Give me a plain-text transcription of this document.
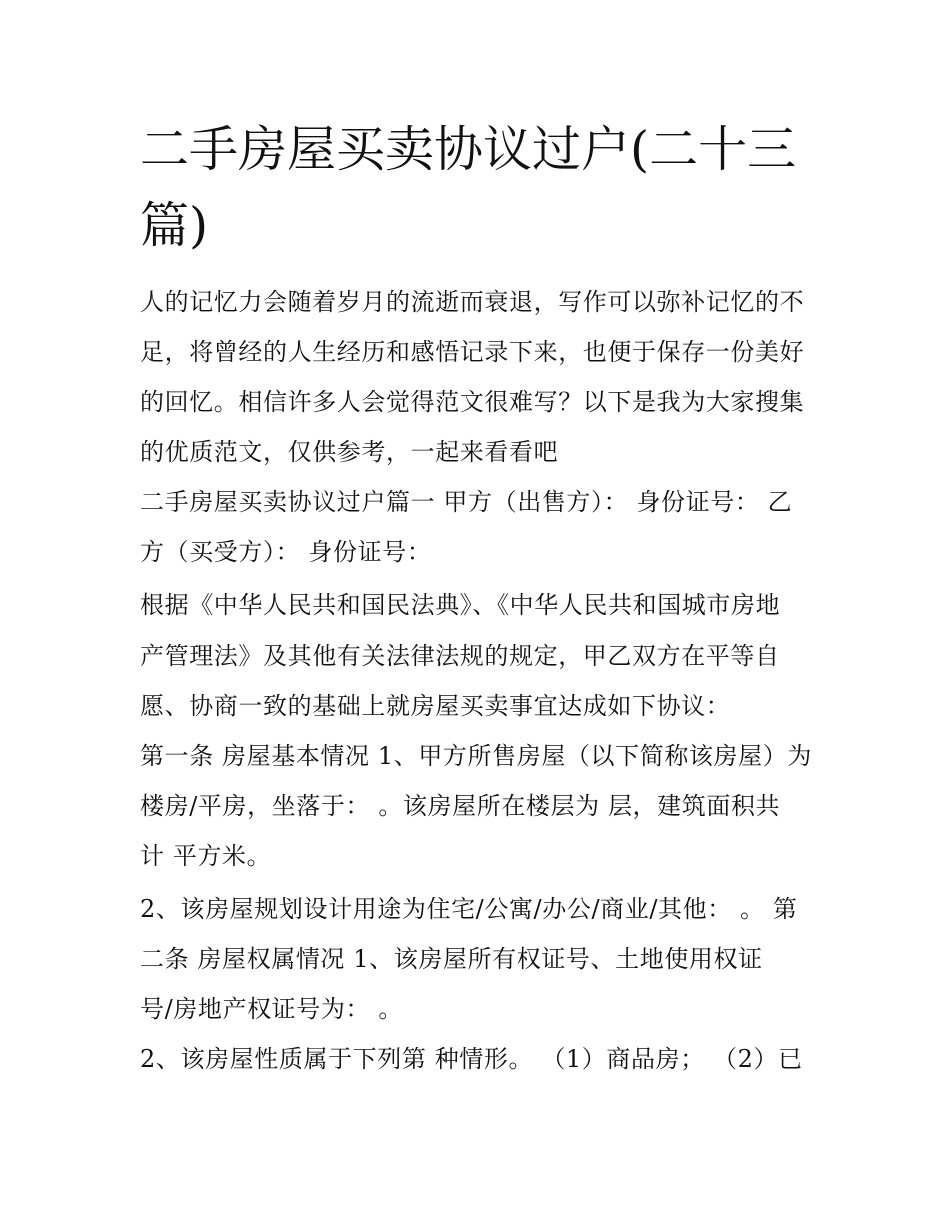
二手房屋买卖协议过户(二十三
篇)
人的记忆力会随着岁月的流逝而衰退，写作可以弥补记忆的不
足，将曾经的人生经历和感悟记录下来，也便于保存一份美好
的回忆。相信许多人会觉得范文很难写？以下是我为大家搜集
的优质范文，仅供参考，一起来看看吧
二手房屋买卖协议过户篇一 甲方（出售方）： 身份证号： 乙
方（买受方）： 身份证号：
根据《中华人民共和国民法典》、《中华人民共和国城市房地
产管理法》及其他有关法律法规的规定，甲乙双方在平等自
愿、协商一致的基础上就房屋买卖事宜达成如下协议：
第一条 房屋基本情况 1、甲方所售房屋（以下简称该房屋）为
楼房/平房，坐落于： 。该房屋所在楼层为 层，建筑面积共
计 平方米。
2、该房屋规划设计用途为住宅/公寓/办公/商业/其他： 。 第
二条 房屋权属情况 1、该房屋所有权证号、土地使用权证
号/房地产权证号为： 。
2、该房屋性质属于下列第 种情形。 （1）商品房； （2）已
